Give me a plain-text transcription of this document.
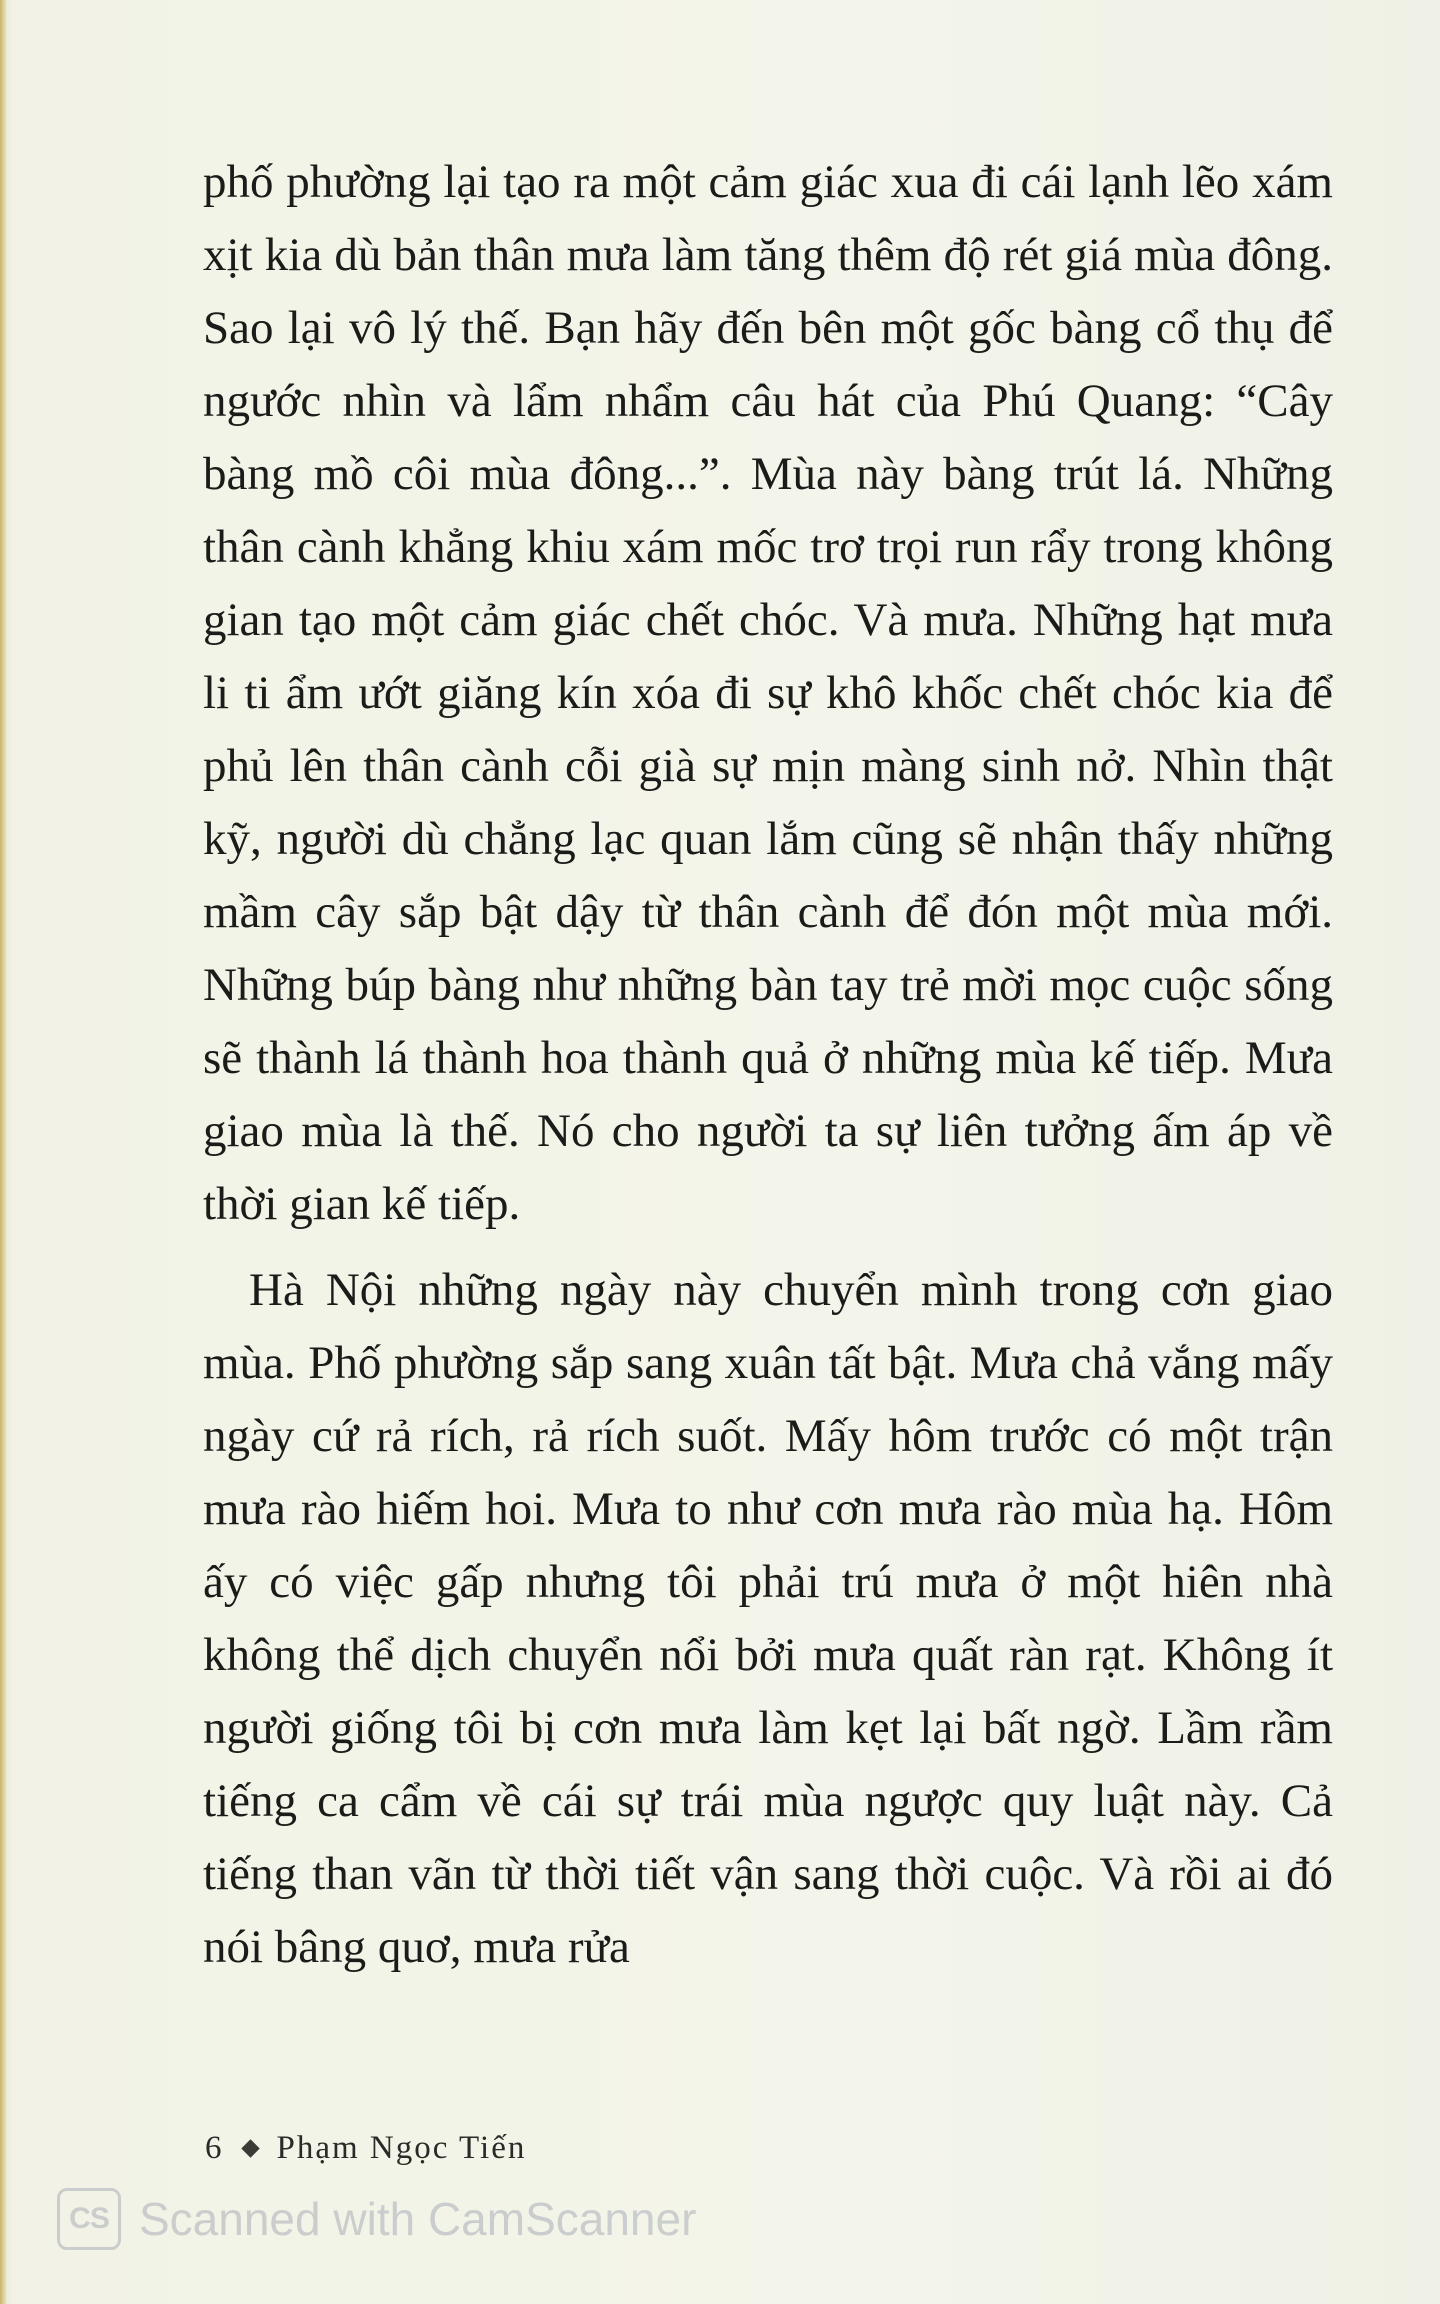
phố phường lại tạo ra một cảm giác xua đi cái lạnh lẽo xám xịt kia dù bản thân mưa làm tăng thêm độ rét giá mùa đông. Sao lại vô lý thế. Bạn hãy đến bên một gốc bàng cổ thụ để ngước nhìn và lẩm nhẩm câu hát của Phú Quang: “Cây bàng mồ côi mùa đông...”. Mùa này bàng trút lá. Những thân cành khẳng khiu xám mốc trơ trọi run rẩy trong không gian tạo một cảm giác chết chóc. Và mưa. Những hạt mưa li ti ẩm ướt giăng kín xóa đi sự khô khốc chết chóc kia để phủ lên thân cành cỗi già sự mịn màng sinh nở. Nhìn thật kỹ, người dù chẳng lạc quan lắm cũng sẽ nhận thấy những mầm cây sắp bật dậy từ thân cành để đón một mùa mới. Những búp bàng như những bàn tay trẻ mời mọc cuộc sống sẽ thành lá thành hoa thành quả ở những mùa kế tiếp. Mưa giao mùa là thế. Nó cho người ta sự liên tưởng ấm áp về thời gian kế tiếp.

Hà Nội những ngày này chuyển mình trong cơn giao mùa. Phố phường sắp sang xuân tất bật. Mưa chả vắng mấy ngày cứ rả rích, rả rích suốt. Mấy hôm trước có một trận mưa rào hiếm hoi. Mưa to như cơn mưa rào mùa hạ. Hôm ấy có việc gấp nhưng tôi phải trú mưa ở một hiên nhà không thể dịch chuyển nổi bởi mưa quất ràn rạt. Không ít người giống tôi bị cơn mưa làm kẹt lại bất ngờ. Lầm rầm tiếng ca cẩm về cái sự trái mùa ngược quy luật này. Cả tiếng than vãn từ thời tiết vận sang thời cuộc. Và rồi ai đó nói bâng quơ, mưa rửa

6 Phạm Ngọc Tiến
CS Scanned with CamScanner
